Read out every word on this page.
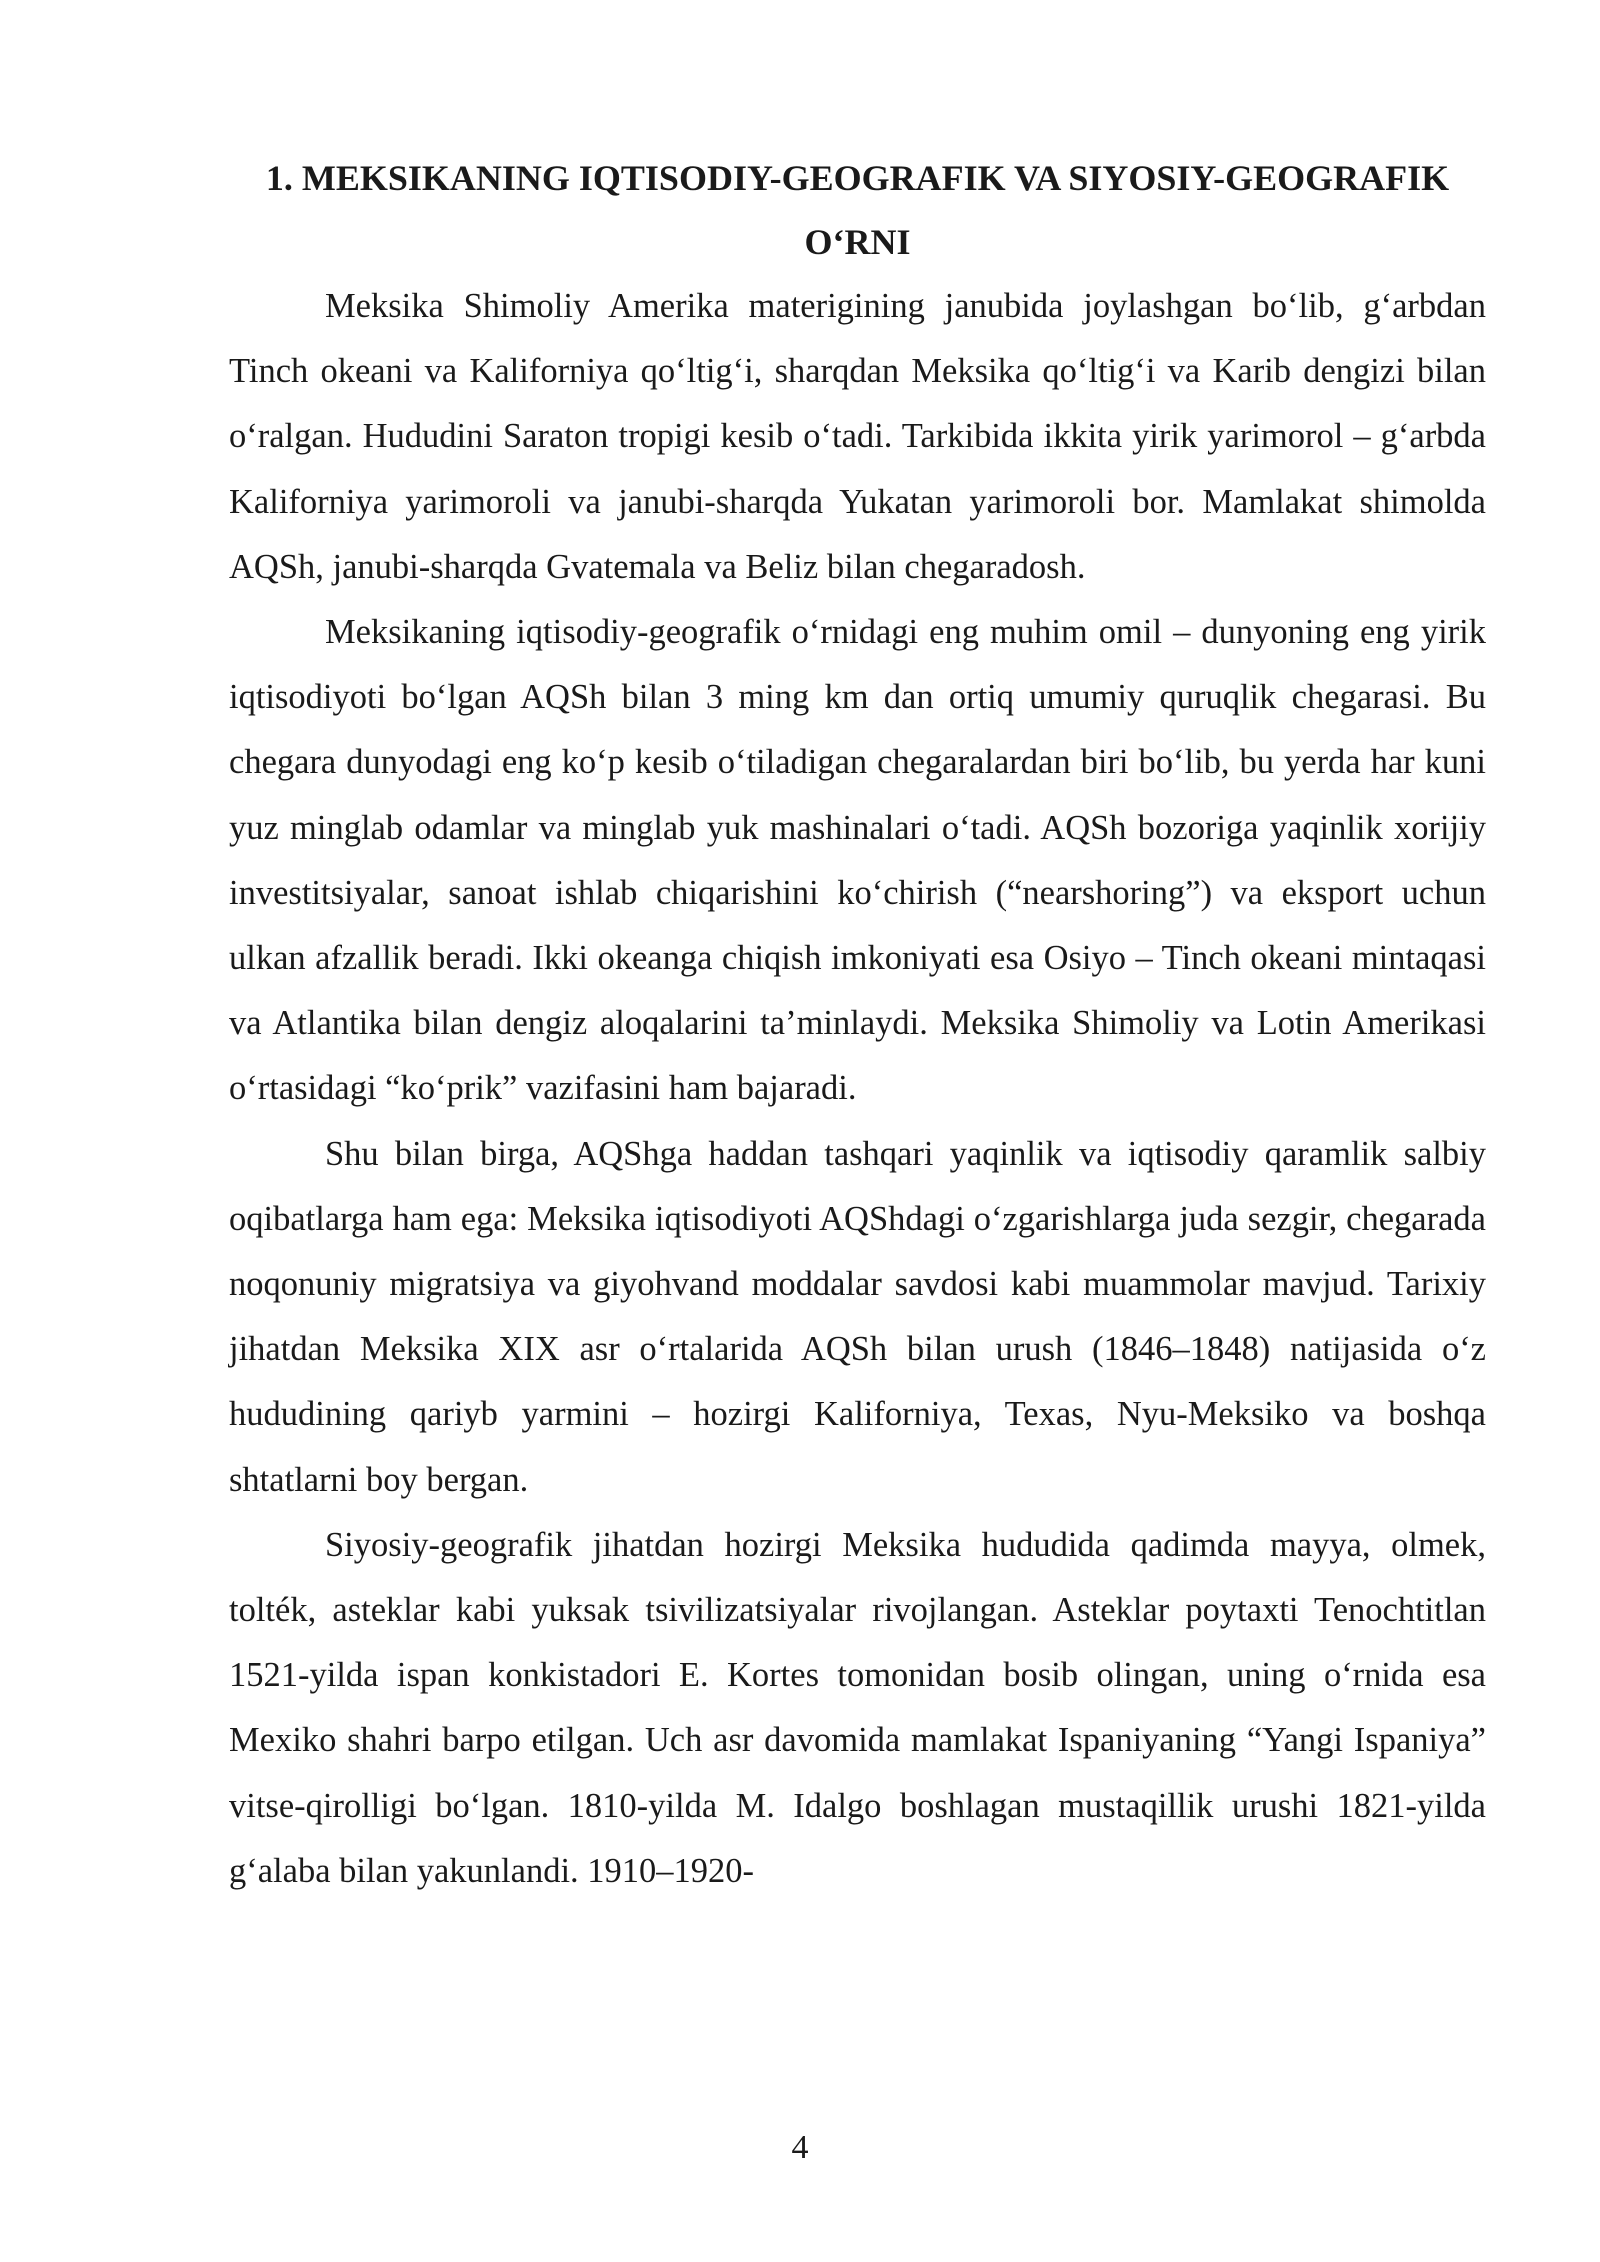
1. MEKSIKANING IQTISODIY-GEOGRAFIK VA SIYOSIY-GEOGRAFIK O‘RNI

Meksika Shimoliy Amerika materigining janubida joylashgan bo‘lib, g‘arbdan Tinch okeani va Kaliforniya qo‘ltig‘i, sharqdan Meksika qo‘ltig‘i va Karib dengizi bilan o‘ralgan. Hududini Saraton tropigi kesib o‘tadi. Tarkibida ikkita yirik yarimorol – g‘arbda Kaliforniya yarimoroli va janubi-sharqda Yukatan yarimoroli bor. Mamlakat shimolda AQSh, janubi-sharqda Gvatemala va Beliz bilan chegaradosh.

Meksikaning iqtisodiy-geografik o‘rnidagi eng muhim omil – dunyoning eng yirik iqtisodiyoti bo‘lgan AQSh bilan 3 ming km dan ortiq umumiy quruqlik chegarasi. Bu chegara dunyodagi eng ko‘p kesib o‘tiladigan chegaralardan biri bo‘lib, bu yerda har kuni yuz minglab odamlar va minglab yuk mashinalari o‘tadi. AQSh bozoriga yaqinlik xorijiy investitsiyalar, sanoat ishlab chiqarishini ko‘chirish (“nearshoring”) va eksport uchun ulkan afzallik beradi. Ikki okeanga chiqish imkoniyati esa Osiyo – Tinch okeani mintaqasi va Atlantika bilan dengiz aloqalarini ta’minlaydi. Meksika Shimoliy va Lotin Amerikasi o‘rtasidagi “ko‘prik” vazifasini ham bajaradi.

Shu bilan birga, AQShga haddan tashqari yaqinlik va iqtisodiy qaramlik salbiy oqibatlarga ham ega: Meksika iqtisodiyoti AQShdagi o‘zgarishlarga juda sezgir, chegarada noqonuniy migratsiya va giyohvand moddalar savdosi kabi muammolar mavjud. Tarixiy jihatdan Meksika XIX asr o‘rtalarida AQSh bilan urush (1846–1848) natijasida o‘z hududining qariyb yarmini – hozirgi Kaliforniya, Texas, Nyu-Meksiko va boshqa shtatlarni boy bergan.

Siyosiy-geografik jihatdan hozirgi Meksika hududida qadimda mayya, olmek, tolték, asteklar kabi yuksak tsivilizatsiyalar rivojlangan. Asteklar poytaxti Tenochtitlan 1521-yilda ispan konkistadori E. Kortes tomonidan bosib olingan, uning o‘rnida esa Mexiko shahri barpo etilgan. Uch asr davomida mamlakat Ispaniyaning “Yangi Ispaniya” vitse-qirolligi bo‘lgan. 1810-yilda M. Idalgo boshlagan mustaqillik urushi 1821-yilda g‘alaba bilan yakunlandi. 1910–1920-

4
